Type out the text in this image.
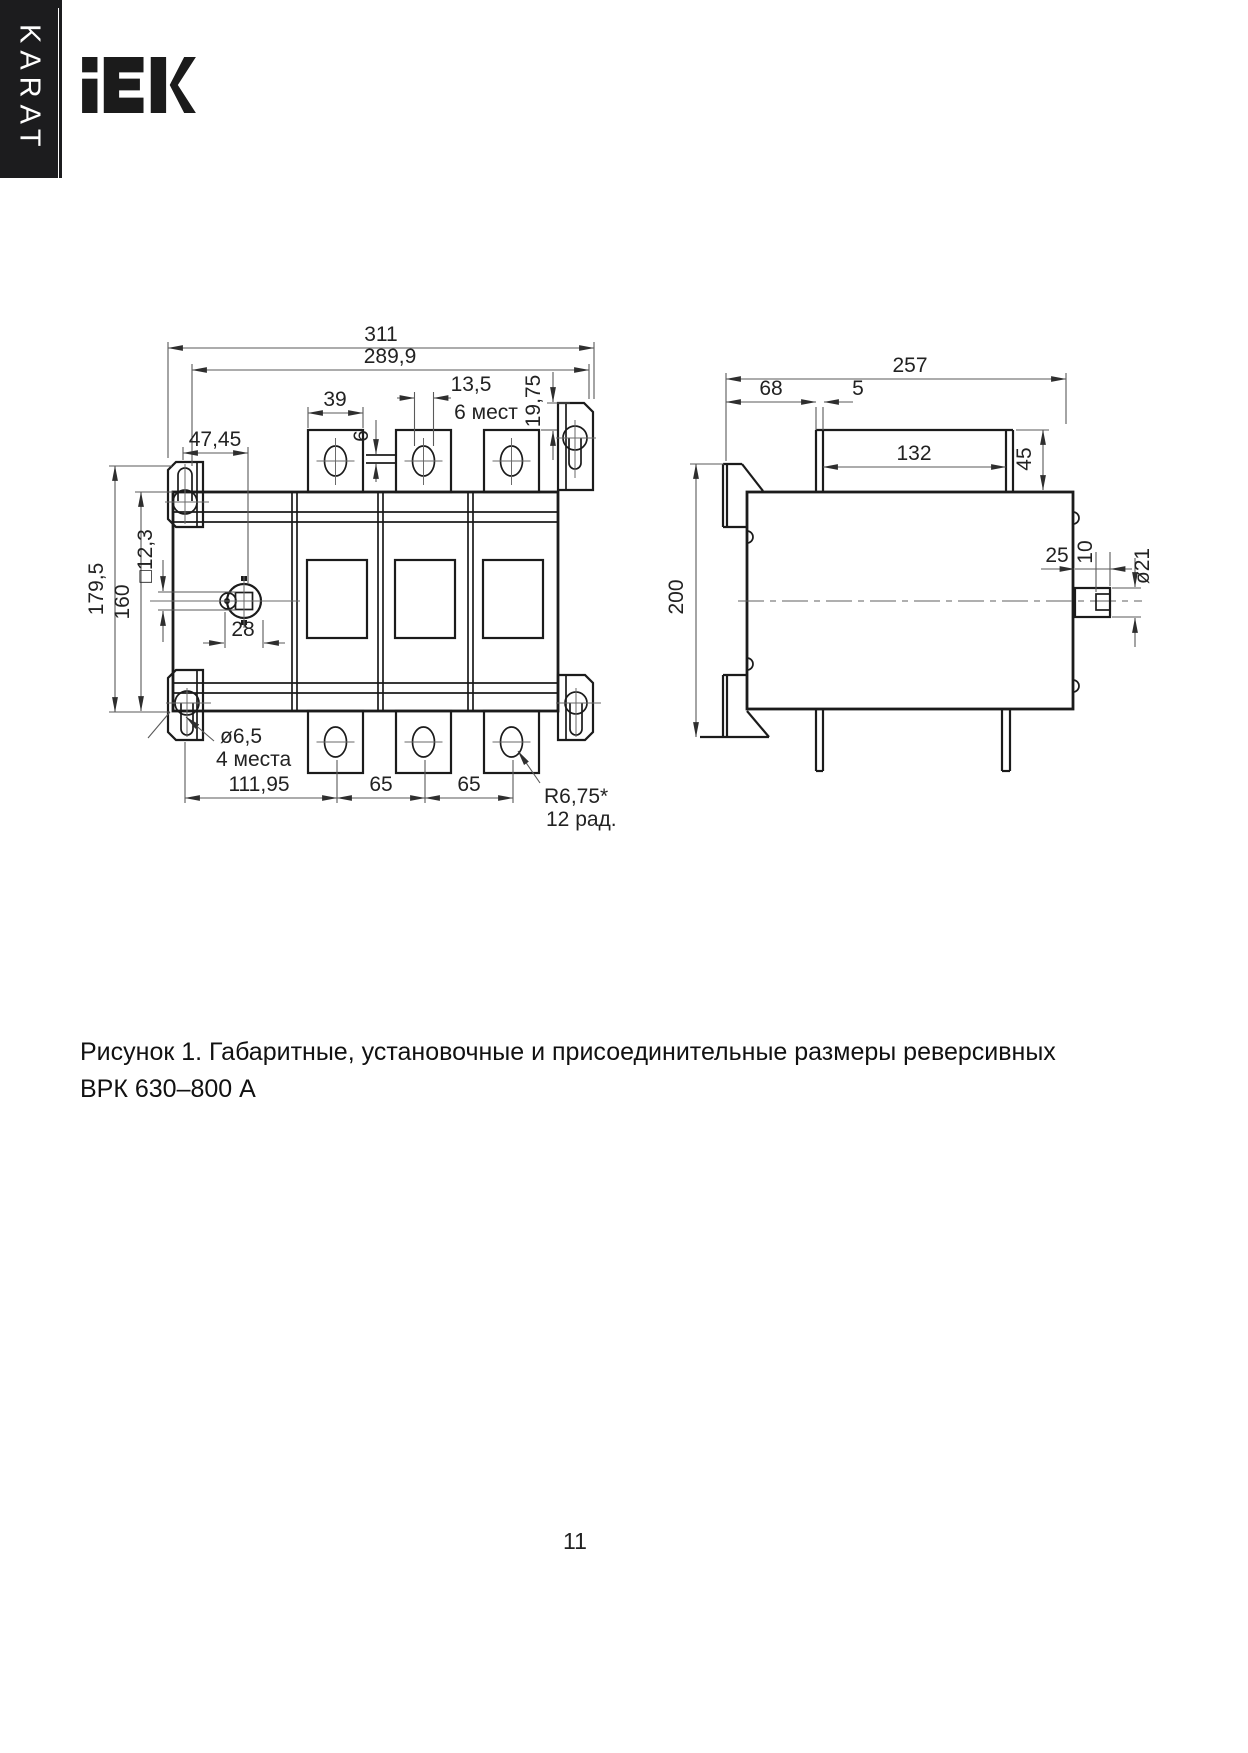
KARAT
311
289,9
39
13,5
6 мест
6
19,75
47,45
179,5 160
□12,3
28
ø6,5
4 места
111,95	65	65
R6,75*
12 рад.
257
68	5
132	45
200
25 10 ø21
Рисунок 1. Габаритные, установочные и присоединительные размеры реверсивных
ВРК 630–800 А
11
